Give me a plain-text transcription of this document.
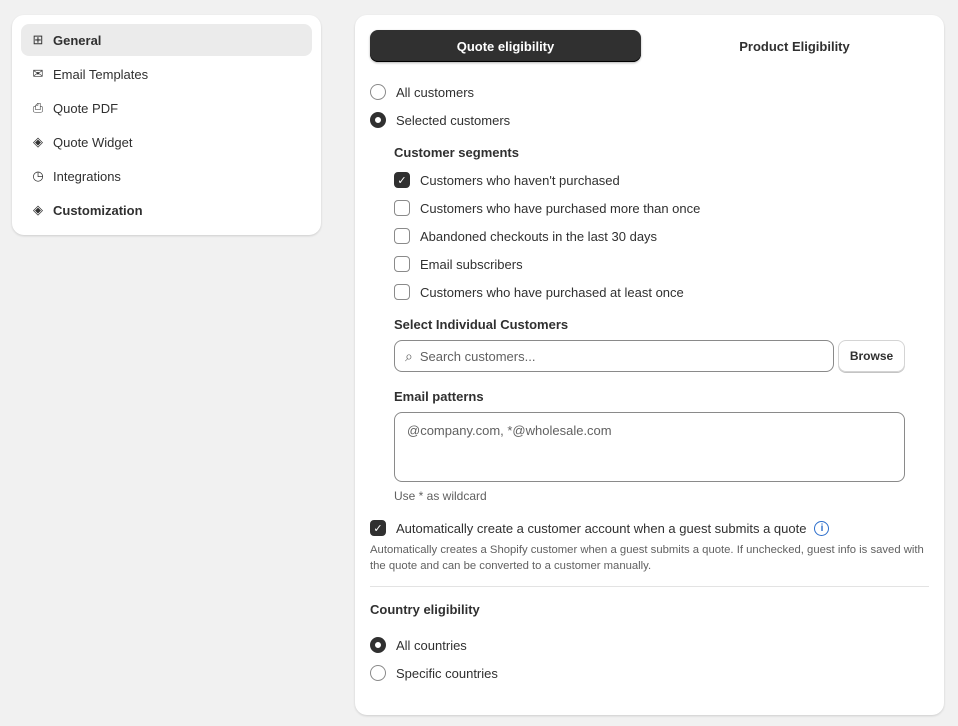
⊞ General
✉ Email Templates
⎙ Quote PDF
◈ Quote Widget
◷ Integrations
◈ Customization
Quote eligibility	Product Eligibility
All customers
Selected customers
Customer segments
✓ Customers who haven't purchased
Customers who have purchased more than once
Abandoned checkouts in the last 30 days
Email subscribers
Customers who have purchased at least once
Select Individual Customers
⌕ Search customers...	Browse
Email patterns
@company.com, *@wholesale.com
Use * as wildcard
✓ Automatically create a customer account when a guest submits a quote	i
Automatically creates a Shopify customer when a guest submits a quote. If unchecked, guest info is saved with the quote and can be converted to a customer manually.
Country eligibility
All countries
Specific countries
